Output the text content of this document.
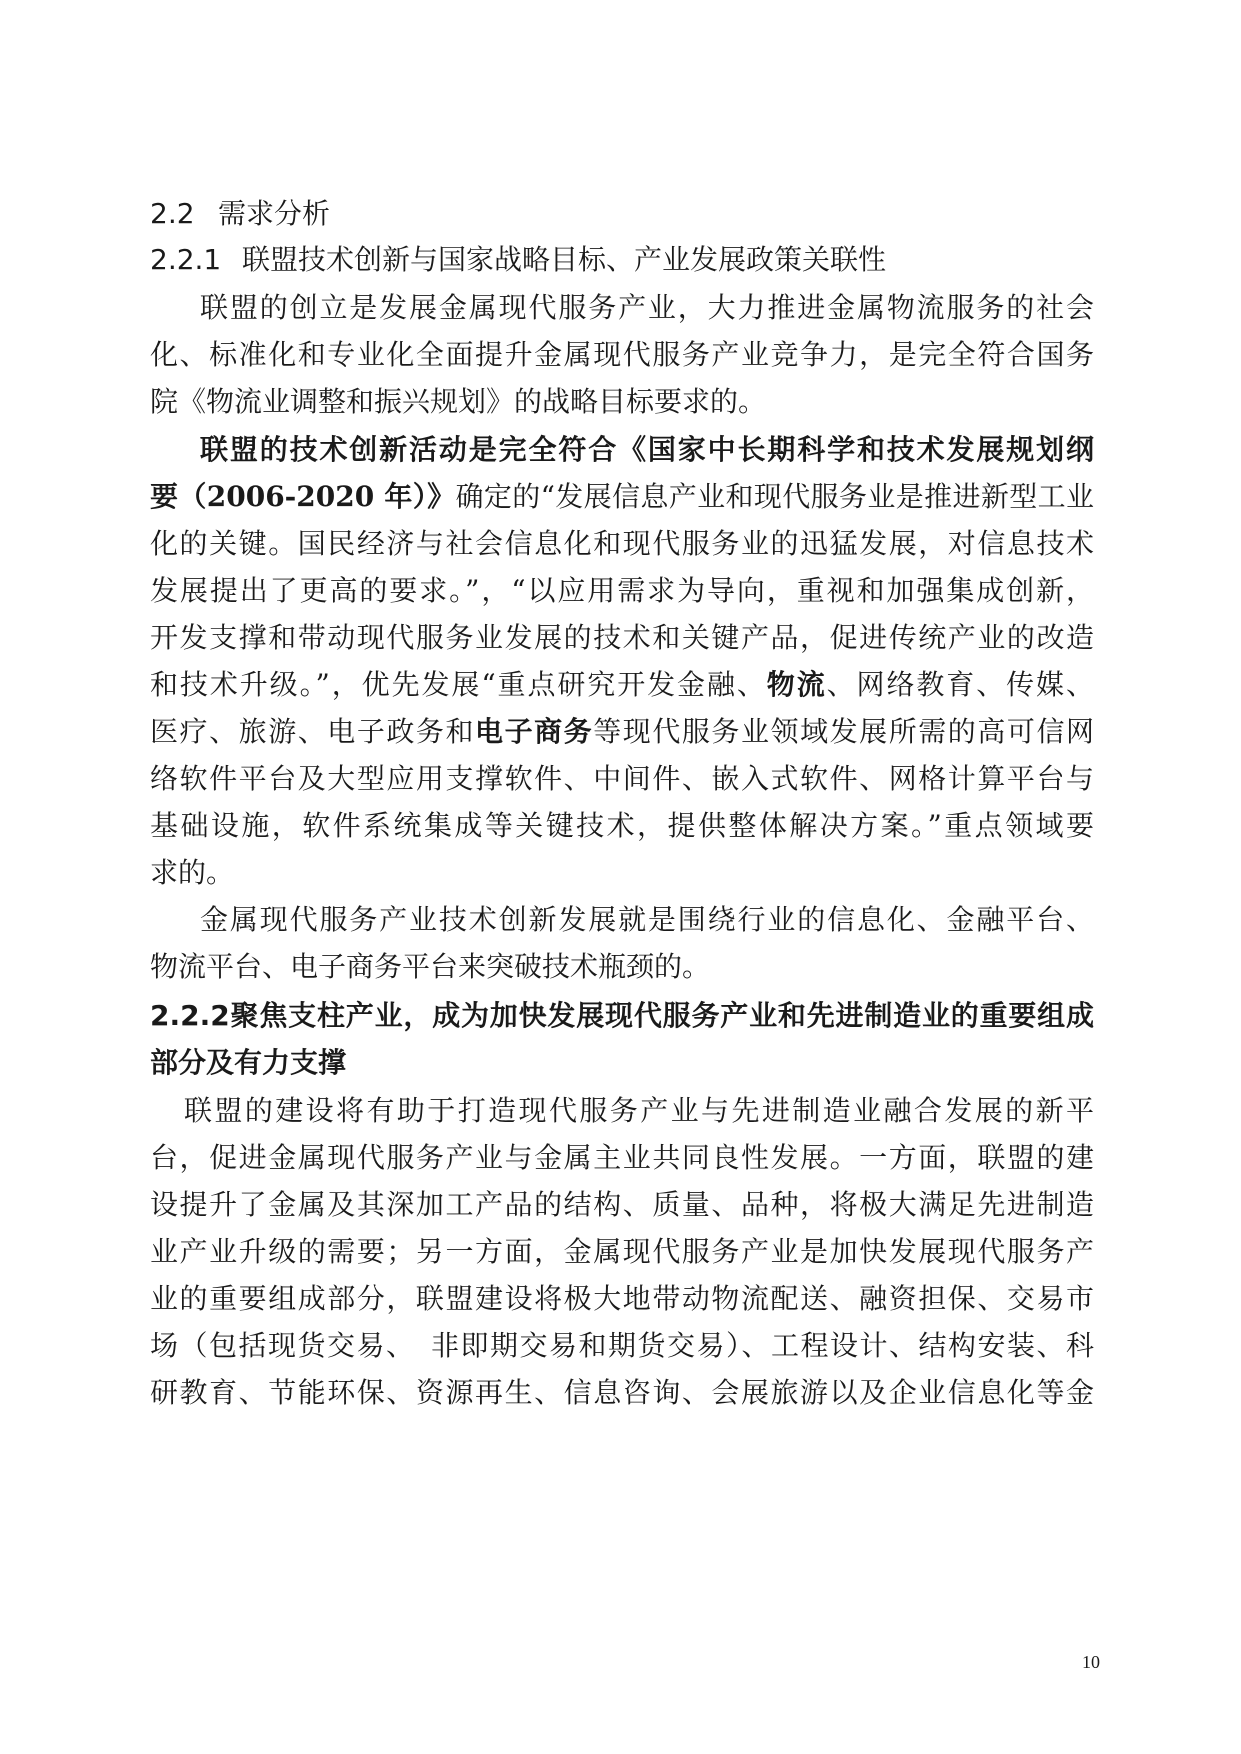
2.2 需求分析
2.2.1 联盟技术创新与国家战略目标、产业发展政策关联性
联盟的创立是发展金属现代服务产业，大力推进金属物流服务的社会
化、标准化和专业化全面提升金属现代服务产业竞争力，是完全符合国务
院《物流业调整和振兴规划》的战略目标要求的。
联盟的技术创新活动是完全符合《国家中长期科学和技术发展规划纲
要（2006-2020 年）》确定的“发展信息产业和现代服务业是推进新型工业
化的关键。国民经济与社会信息化和现代服务业的迅猛发展，对信息技术
发展提出了更高的要求。”，“以应用需求为导向，重视和加强集成创新，
开发支撑和带动现代服务业发展的技术和关键产品，促进传统产业的改造
和技术升级。”，优先发展“重点研究开发金融、物流、网络教育、传媒、
医疗、旅游、电子政务和电子商务等现代服务业领域发展所需的高可信网
络软件平台及大型应用支撑软件、中间件、嵌入式软件、网格计算平台与
基础设施，软件系统集成等关键技术，提供整体解决方案。”重点领域要
求的。
金属现代服务产业技术创新发展就是围绕行业的信息化、金融平台、
物流平台、电子商务平台来突破技术瓶颈的。
2.2.2聚焦支柱产业，成为加快发展现代服务产业和先进制造业的重要组成
部分及有力支撑
联盟的建设将有助于打造现代服务产业与先进制造业融合发展的新平
台，促进金属现代服务产业与金属主业共同良性发展。一方面，联盟的建
设提升了金属及其深加工产品的结构、质量、品种，将极大满足先进制造
业产业升级的需要；另一方面，金属现代服务产业是加快发展现代服务产
业的重要组成部分，联盟建设将极大地带动物流配送、融资担保、交易市
场（包括现货交易、　非即期交易和期货交易）、工程设计、结构安装、科
研教育、节能环保、资源再生、信息咨询、会展旅游以及企业信息化等金
10
